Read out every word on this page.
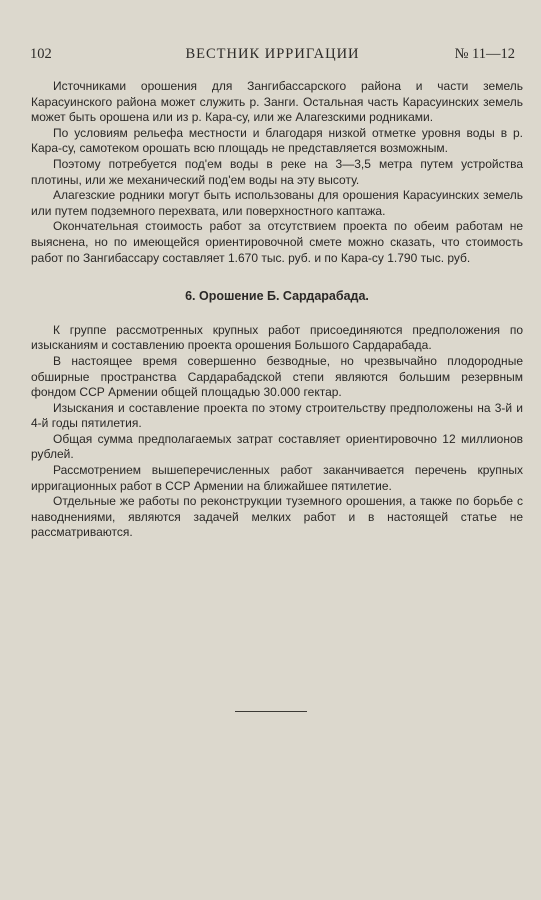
102	ВЕСТНИК ИРРИГАЦИИ	№ 11—12

Источниками орошения для Зангибассарского района и части земель Карасуинского района может служить р. Занги. Остальная часть Карасуинских земель может быть орошена или из р. Кара-су, или же Алагезскими родниками.

По условиям рельефа местности и благодаря низкой отметке уровня воды в р. Кара-су, самотеком орошать всю площадь не представляется возможным.

Поэтому потребуется под'ем воды в реке на 3—3,5 метра путем устройства плотины, или же механический под'ем воды на эту высоту.

Алагезские родники могут быть использованы для орошения Карасуинских земель или путем подземного перехвата, или поверхностного каптажа.

Окончательная стоимость работ за отсутствием проекта по обеим работам не выяснена, но по имеющейся ориентировочной смете можно сказать, что стоимость работ по Зангибассару составляет 1.670 тыс. руб. и по Кара-су 1.790 тыс. руб.

6. Орошение Б. Сардарабада.

К группе рассмотренных крупных работ присоединяются предположения по изысканиям и составлению проекта орошения Большого Сардарабада.

В настоящее время совершенно безводные, но чрезвычайно плодородные обширные пространства Сардарабадской степи являются большим резервным фондом ССР Армении общей площадью 30.000 гектар.

Изыскания и составление проекта по этому строительству предположены на 3-й и 4-й годы пятилетия.

Общая сумма предполагаемых затрат составляет ориентировочно 12 миллионов рублей.

Рассмотрением вышеперечисленных работ заканчивается перечень крупных ирригационных работ в ССР Армении на ближайшее пятилетие.

Отдельные же работы по реконструкции туземного орошения, а также по борьбе с наводнениями, являются задачей мелких работ и в настоящей статье не рассматриваются.
